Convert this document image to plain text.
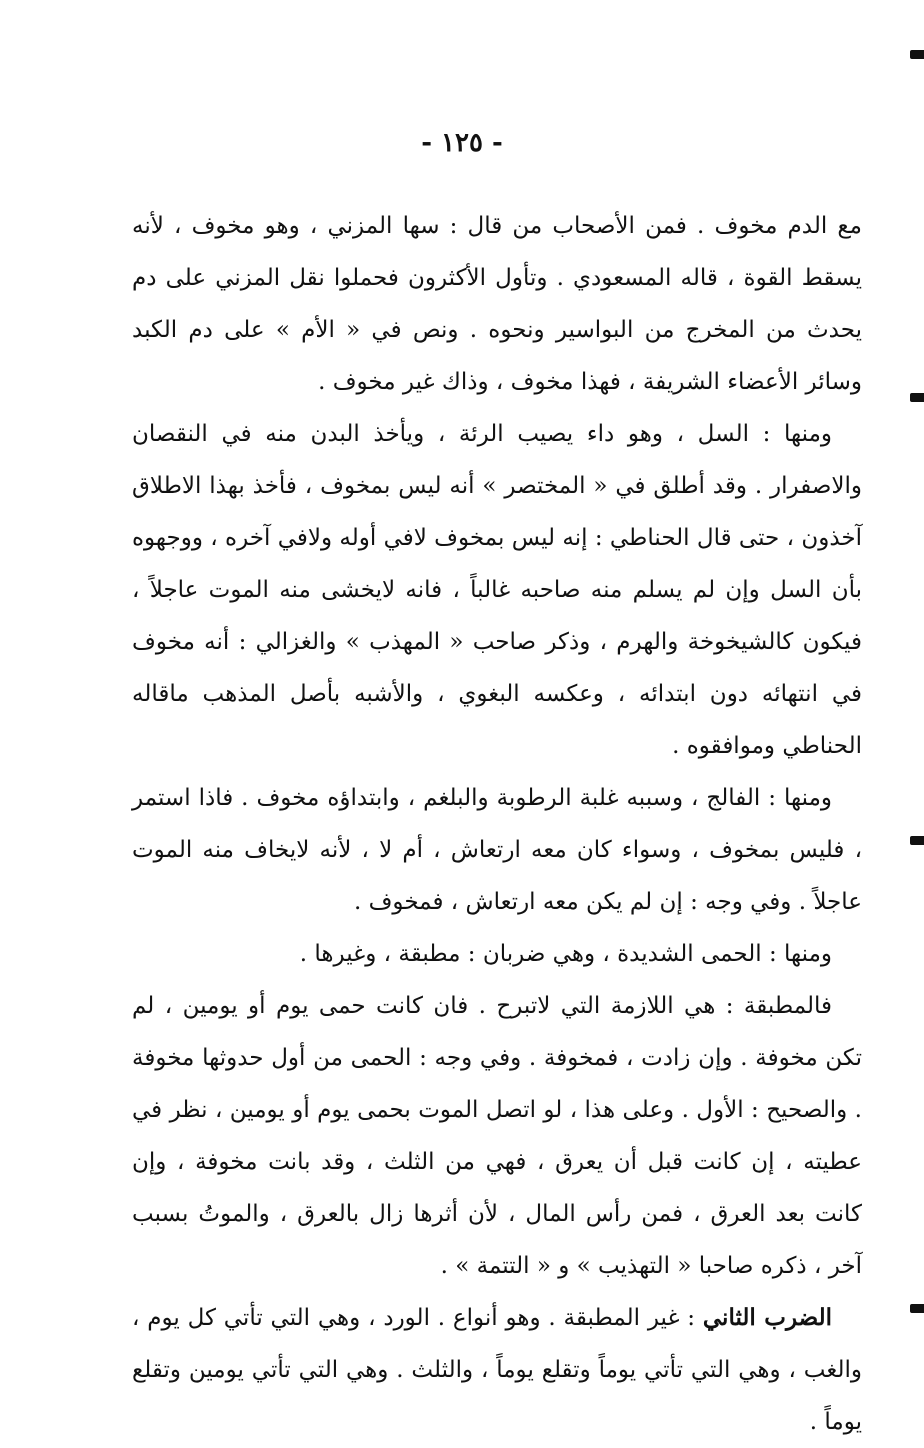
- ١٢٥ -

مع الدم مخوف . فمن الأصحاب من قال : سها المزني ، وهو مخوف ، لأنه يسقط القوة ، قاله المسعودي . وتأول الأكثرون فحملوا نقل المزني على دم يحدث من المخرج من البواسير ونحوه . ونص في « الأم » على دم الكبد وسائر الأعضاء الشريفة ، فهذا مخوف ، وذاك غير مخوف .

ومنها : السل ، وهو داء يصيب الرئة ، ويأخذ البدن منه في النقصان والاصفرار . وقد أطلق في « المختصر » أنه ليس بمخوف ، فأخذ بهذا الاطلاق آخذون ، حتى قال الحناطي : إنه ليس بمخوف لافي أوله ولافي آخره ، ووجهوه بأن السل وإن لم يسلم منه صاحبه غالباً ، فانه لايخشى منه الموت عاجلاً ، فيكون كالشيخوخة والهرم ، وذكر صاحب « المهذب » والغزالي : أنه مخوف في انتهائه دون ابتدائه ، وعكسه البغوي ، والأشبه بأصل المذهب ماقاله الحناطي وموافقوه .

ومنها : الفالج ، وسببه غلبة الرطوبة والبلغم ، وابتداؤه مخوف . فاذا استمر ، فليس بمخوف ، وسواء كان معه ارتعاش ، أم لا ، لأنه لايخاف منه الموت عاجلاً . وفي وجه : إن لم يكن معه ارتعاش ، فمخوف .

ومنها : الحمى الشديدة ، وهي ضربان : مطبقة ، وغيرها .

فالمطبقة : هي اللازمة التي لاتبرح . فان كانت حمى يوم أو يومين ، لم تكن مخوفة . وإن زادت ، فمخوفة . وفي وجه : الحمى من أول حدوثها مخوفة . والصحيح : الأول . وعلى هذا ، لو اتصل الموت بحمى يوم أو يومين ، نظر في عطيته ، إن كانت قبل أن يعرق ، فهي من الثلث ، وقد بانت مخوفة ، وإن كانت بعد العرق ، فمن رأس المال ، لأن أثرها زال بالعرق ، والموتُ بسبب آخر ، ذكره صاحبا « التهذيب » و « التتمة » .

الضرب الثاني : غير المطبقة . وهو أنواع . الورد ، وهي التي تأتي كل يوم ، والغب ، وهي التي تأتي يوماً وتقلع يوماً ، والثلث . وهي التي تأتي يومين وتقلع يوماً .
